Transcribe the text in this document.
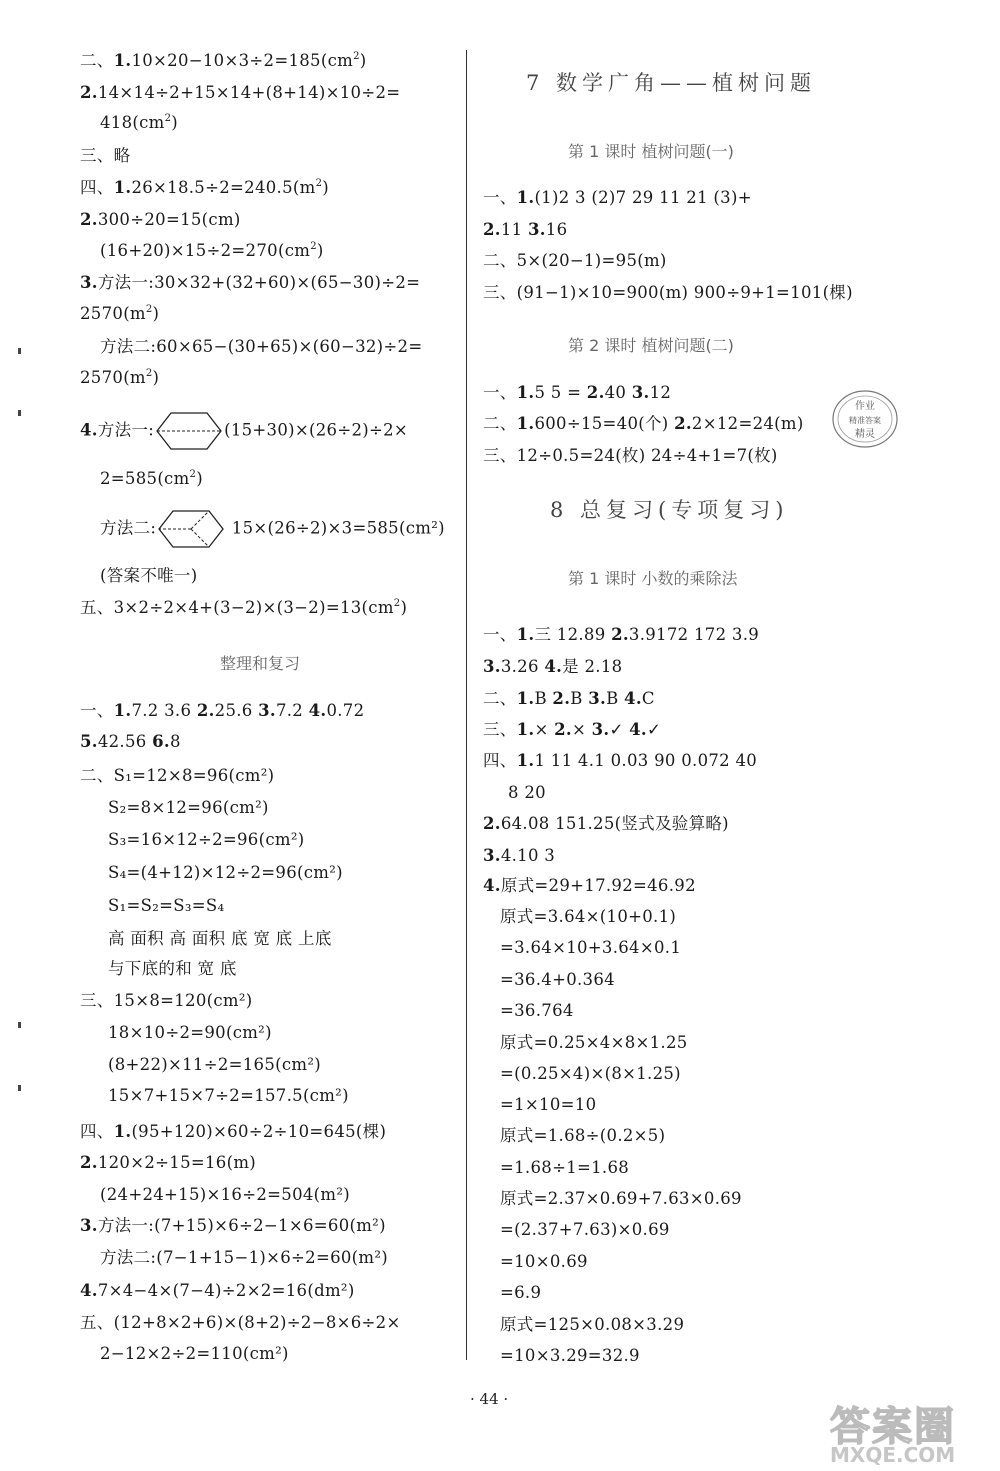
二、$1.10\times 20-10\times 3\div 2=185(cm^2)$
2.14×14÷2+15×14+(8+14)×10÷2=
$418(cm^2)$
三、略
四、$1.26\times 18.5\div 2=240.5(m^2)$
2.300÷20=15(cm)
$(16+20)\times 15\div 2=270(cm^2)$
3.方法一:30×32+(32+60)×(65−30)÷2=
$2570(m^2)$
方法二:60×65−(30+65)×(60−32)÷2=
$2570(m^2)$
4.方法一:	(15+30)×(26÷2)÷2×
$2=585(cm^2)$
方法二:	15×(26÷2)×3=585(cm²)
(答案不唯一)
五、$3\times 2\div 2\times 4+(3-2)\times(3-2)=13(cm^2)$
整理和复习
一、1.7.2 3.6 2.25.6 3.7.2 4.0.72
5.42.56 6.8
二、S₁=12×8=96(cm²)
S₂=8×12=96(cm²)
S₃=16×12÷2=96(cm²)
S₄=(4+12)×12÷2=96(cm²)
S₁=S₂=S₃=S₄
高 面积 高 面积 底 宽 底 上底
与下底的和 宽 底
三、15×8=120(cm²)
18×10÷2=90(cm²)
(8+22)×11÷2=165(cm²)
15×7+15×7÷2=157.5(cm²)
四、1.(95+120)×60÷2÷10=645(棵)
2.120×2÷15=16(m)
(24+24+15)×16÷2=504(m²)
3.方法一:(7+15)×6÷2−1×6=60(m²)
方法二:(7−1+15−1)×6÷2=60(m²)
4.7×4−4×(7−4)÷2×2=16(dm²)
五、(12+8×2+6)×(8+2)÷2−8×6÷2×
2−12×2÷2=110(cm²)
7 数学广角——植树问题
第 1 课时 植树问题(一)
一、1.(1)2 3 (2)7 29 11 21 (3)+
2.11 3.16
二、5×(20−1)=95(m)
三、(91−1)×10=900(m) 900÷9+1=101(棵)
第 2 课时 植树问题(二)
一、1.5 5 = 2.40 3.12
二、1.600÷15=40(个) 2.2×12=24(m)
三、12÷0.5=24(枚) 24÷4+1=7(枚)
8 总复习(专项复习)
第 1 课时 小数的乘除法
一、1.三 12.89 2.3.9172 172 3.9
3.3.26 4.是 2.18
二、1.B 2.B 3.B 4.C
三、1.× 2.× 3.✓ 4.✓
四、1.1 11 4.1 0.03 90 0.072 40
8 20
2.64.08 151.25(竖式及验算略)
3.4.10 3
4.原式=29+17.92=46.92
原式=3.64×(10+0.1)
=3.64×10+3.64×0.1
=36.4+0.364
=36.764
原式=0.25×4×8×1.25
=(0.25×4)×(8×1.25)
=1×10=10
原式=1.68÷(0.2×5)
=1.68÷1=1.68
原式=2.37×0.69+7.63×0.69
=(2.37+7.63)×0.69
=10×0.69
=6.9
原式=125×0.08×3.29
=10×3.29=32.9
作业
精准答案
精灵
· 44 ·
答案圈
MXQE.COM
